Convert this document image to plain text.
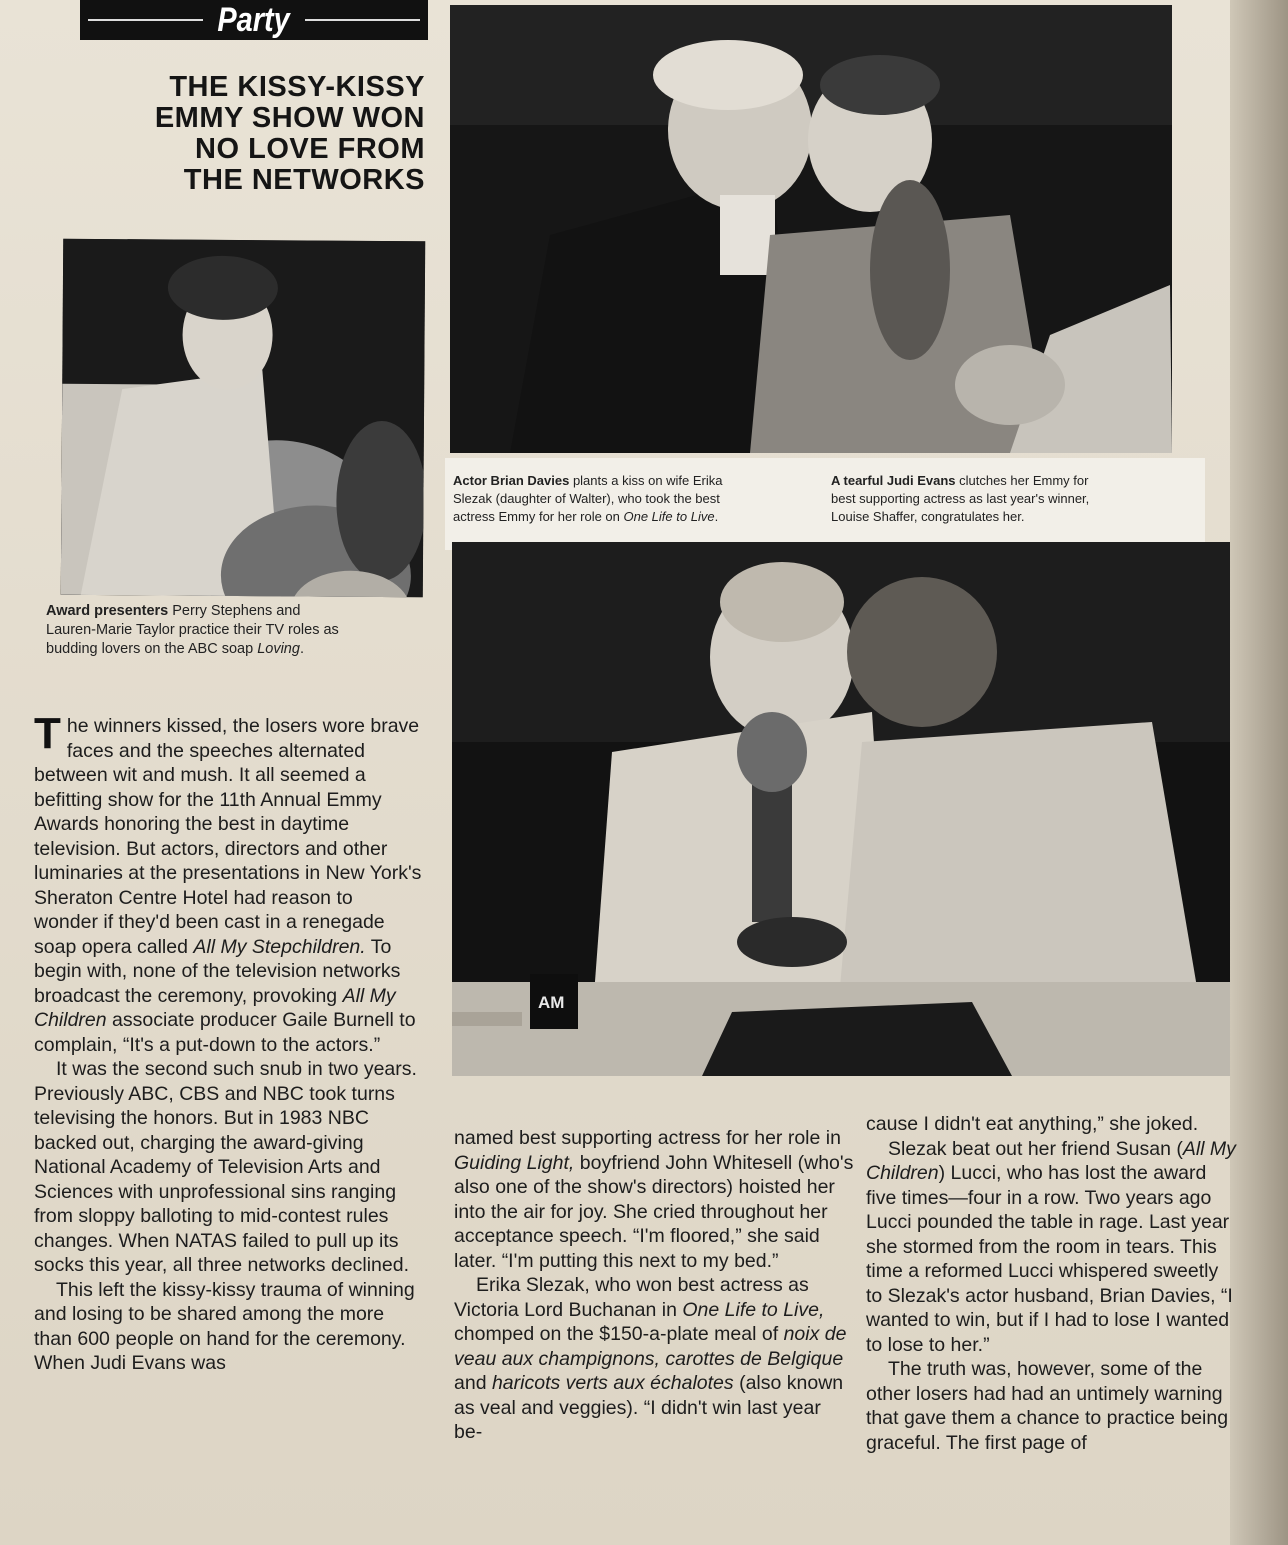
Party
THE KISSY-KISSY
EMMY SHOW WON
NO LOVE FROM
THE NETWORKS
Award presenters Perry Stephens and
Lauren-Marie Taylor practice their TV roles as
budding lovers on the ABC soap Loving.
Actor Brian Davies plants a kiss on wife Erika
Slezak (daughter of Walter), who took the best
actress Emmy for her role on One Life to Live.
A tearful Judi Evans clutches her Emmy for
best supporting actress as last year's winner,
Louise Shaffer, congratulates her.
AM

The winners kissed, the losers wore brave faces and the speeches alternated between wit and mush. It all seemed a befitting show for the 11th Annual Emmy Awards honoring the best in daytime television. But actors, directors and other luminaries at the presentations in New York's Sheraton Centre Hotel had reason to wonder if they'd been cast in a renegade soap opera called All My Stepchildren. To begin with, none of the television networks broadcast the ceremony, provoking All My Children associate producer Gaile Burnell to complain, “It's a put-down to the actors.”

It was the second such snub in two years. Previously ABC, CBS and NBC took turns televising the honors. But in 1983 NBC backed out, charging the award-giving National Academy of Television Arts and Sciences with unprofessional sins ranging from sloppy balloting to mid-contest rules changes. When NATAS failed to pull up its socks this year, all three networks declined.

This left the kissy-kissy trauma of winning and losing to be shared among the more than 600 people on hand for the ceremony. When Judi Evans was

named best supporting actress for her role in Guiding Light, boyfriend John Whitesell (who's also one of the show's directors) hoisted her into the air for joy. She cried throughout her acceptance speech. “I'm floored,” she said later. “I'm putting this next to my bed.”

Erika Slezak, who won best actress as Victoria Lord Buchanan in One Life to Live, chomped on the $150-a-plate meal of noix de veau aux champignons, carottes de Belgique and haricots verts aux échalotes (also known as veal and veggies). “I didn't win last year be-

cause I didn't eat anything,” she joked.

Slezak beat out her friend Susan (All My Children) Lucci, who has lost the award five times—four in a row. Two years ago Lucci pounded the table in rage. Last year she stormed from the room in tears. This time a reformed Lucci whispered sweetly to Slezak's actor husband, Brian Davies, “I wanted to win, but if I had to lose I wanted to lose to her.”

The truth was, however, some of the other losers had had an untimely warning that gave them a chance to practice being graceful. The first page of
